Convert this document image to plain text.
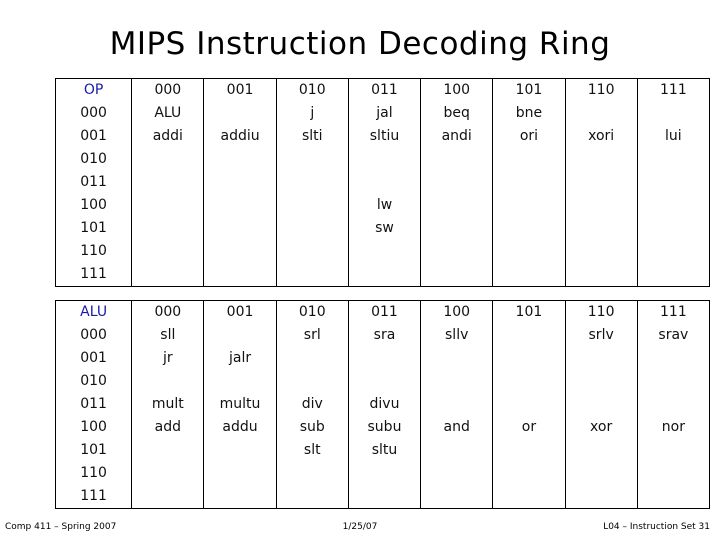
MIPS Instruction Decoding Ring
OP	000	001	010	011	100	101	110	111
000	ALU		j	jal	beq	bne		
001	addi	addiu	slti	sltiu	andi	ori	xori	lui
010								
011								
100				lw				
101				sw				
110								
111								
ALU	000	001	010	011	100	101	110	111
000	sll		srl	sra	sllv		srlv	srav
001	jr	jalr						
010								
011	mult	multu	div	divu				
100	add	addu	sub	subu	and	or	xor	nor
101			slt	sltu				
110								
111								
Comp 411 – Spring 2007	1/25/07	L04 – Instruction Set 31
